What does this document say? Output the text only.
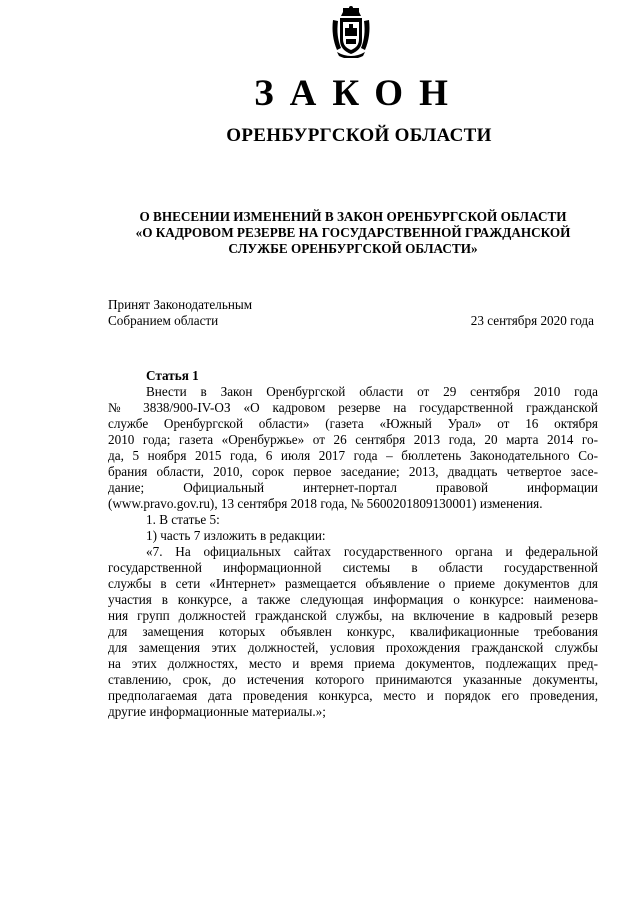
ЗАКОН
ОРЕНБУРГСКОЙ ОБЛАСТИ
О ВНЕСЕНИИ ИЗМЕНЕНИЙ В ЗАКОН ОРЕНБУРГСКОЙ ОБЛАСТИ
«О КАДРОВОМ РЕЗЕРВЕ НА ГОСУДАРСТВЕННОЙ ГРАЖДАНСКОЙ
СЛУЖБЕ ОРЕНБУРГСКОЙ ОБЛАСТИ»
Принят Законодательным
Собранием области	23 сентября 2020 года
Статья 1
Внести в Закон Оренбургской области от 29 сентября 2010 года
№ 3838/900-IV-ОЗ «О кадровом резерве на государственной гражданской
службе Оренбургской области» (газета «Южный Урал» от 16 октября
2010 года; газета «Оренбуржье» от 26 сентября 2013 года, 20 марта 2014 го-
да, 5 ноября 2015 года, 6 июля 2017 года – бюллетень Законодательного Со-
брания области, 2010, сорок первое заседание; 2013, двадцать четвертое засе-
дание; Официальный интернет-портал правовой информации
(www.pravo.gov.ru), 13 сентября 2018 года, № 5600201809130001) изменения.
1. В статье 5:
1) часть 7 изложить в редакции:
«7. На официальных сайтах государственного органа и федеральной
государственной информационной системы в области государственной
службы в сети «Интернет» размещается объявление о приеме документов для
участия в конкурсе, а также следующая информация о конкурсе: наименова-
ния групп должностей гражданской службы, на включение в кадровый резерв
для замещения которых объявлен конкурс, квалификационные требования
для замещения этих должностей, условия прохождения гражданской службы
на этих должностях, место и время приема документов, подлежащих пред-
ставлению, срок, до истечения которого принимаются указанные документы,
предполагаемая дата проведения конкурса, место и порядок его проведения,
другие информационные материалы.»;
